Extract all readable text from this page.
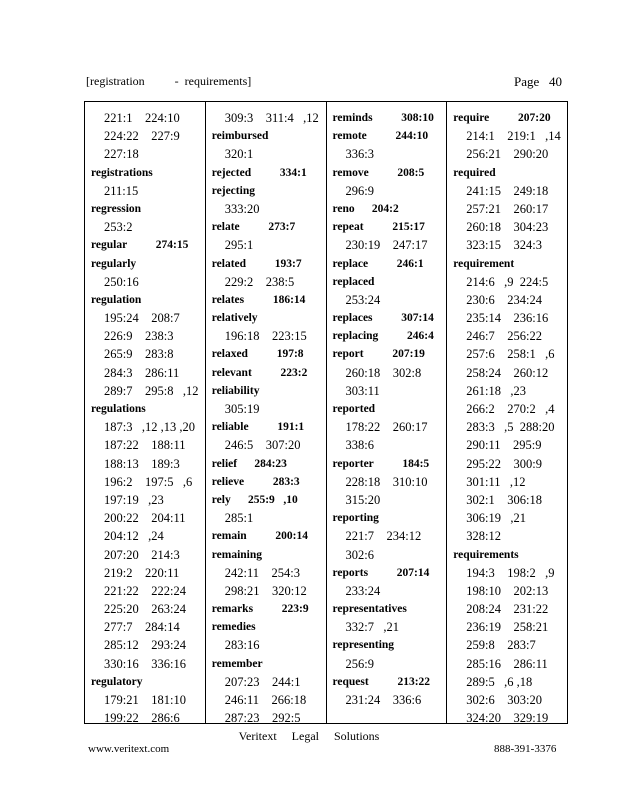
[registration          -  requirements]	Page   40
221:1    224:10
224:22    227:9
227:18
registrations
211:15
regression
253:2
regular          274:15
regularly
250:16
regulation
195:24    208:7
226:9    238:3
265:9    283:8
284:3    286:11
289:7    295:8   ,12
regulations
187:3   ,12 ,13 ,20
187:22    188:11
188:13    189:3
196:2    197:5   ,6
197:19   ,23
200:22    204:11
204:12   ,24
207:20    214:3
219:2    220:11
221:22    222:24
225:20    263:24
277:7    284:14
285:12    293:24
330:16    336:16
regulatory
179:21    181:10
199:22    286:6
309:3    311:4   ,12
reimbursed
320:1
rejected          334:1
rejecting
333:20
relate          273:7
295:1
related          193:7
229:2    238:5
relates          186:14
relatively
196:18    223:15
relaxed          197:8
relevant          223:2
reliability
305:19
reliable          191:1
246:5    307:20
relief      284:23
relieve          283:3
rely      255:9   ,10
285:1
remain          200:14
remaining
242:11    254:3
298:21    320:12
remarks          223:9
remedies
283:16
remember
207:23    244:1
246:11    266:18
287:23    292:5
reminds          308:10
remote          244:10
336:3
remove          208:5
296:9
reno      204:2
repeat          215:17
230:19    247:17
replace          246:1
replaced
253:24
replaces          307:14
replacing          246:4
report          207:19
260:18    302:8
303:11
reported
178:22    260:17
338:6
reporter          184:5
228:18    310:10
315:20
reporting
221:7    234:12
302:6
reports          207:14
233:24
representatives
332:7   ,21
representing
256:9
request          213:22
231:24    336:6
require          207:20
214:1    219:1   ,14
256:21    290:20
required
241:15    249:18
257:21    260:17
260:18    304:23
323:15    324:3
requirement
214:6   ,9  224:5
230:6    234:24
235:14    236:16
246:7    256:22
257:6    258:1   ,6
258:24    260:12
261:18   ,23
266:2    270:2   ,4
283:3   ,5  288:20
290:11    295:9
295:22    300:9
301:11   ,12
302:1    306:18
306:19   ,21
328:12
requirements
194:3    198:2   ,9
198:10    202:13
208:24    231:22
236:19    258:21
259:8    283:7
285:16    286:11
289:5   ,6 ,18
302:6    303:20
324:20    329:19
Veritext     Legal     Solutions
www.veritext.com	888-391-3376
